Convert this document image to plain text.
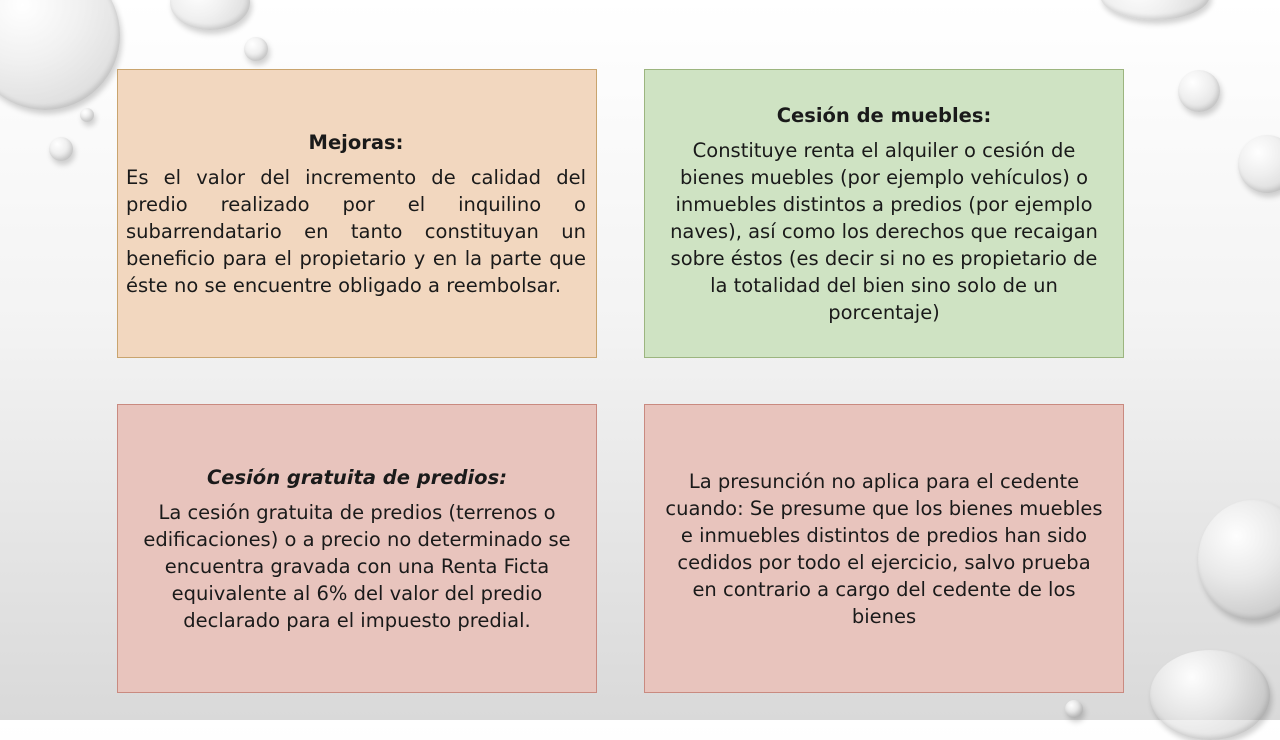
Mejoras:

Es el valor del incremento de calidad del predio realizado por el inquilino o subarrendatario en tanto constituyan un beneficio para el propietario y en la parte que éste no se encuentre obligado a reembolsar.

Cesión de muebles:

Constituye renta el alquiler o cesión de bienes muebles (por ejemplo vehículos) o inmuebles distintos a predios (por ejemplo naves), así como los derechos que recaigan sobre éstos (es decir si no es propietario de la totalidad del bien sino solo de un porcentaje)

Cesión gratuita de predios:

La cesión gratuita de predios (terrenos o edificaciones) o a precio no determinado se encuentra gravada con una Renta Ficta equivalente al 6% del valor del predio declarado para el impuesto predial.

La presunción no aplica para el cedente cuando: Se presume que los bienes muebles e inmuebles distintos de predios han sido cedidos por todo el ejercicio, salvo prueba en contrario a cargo del cedente de los bienes
